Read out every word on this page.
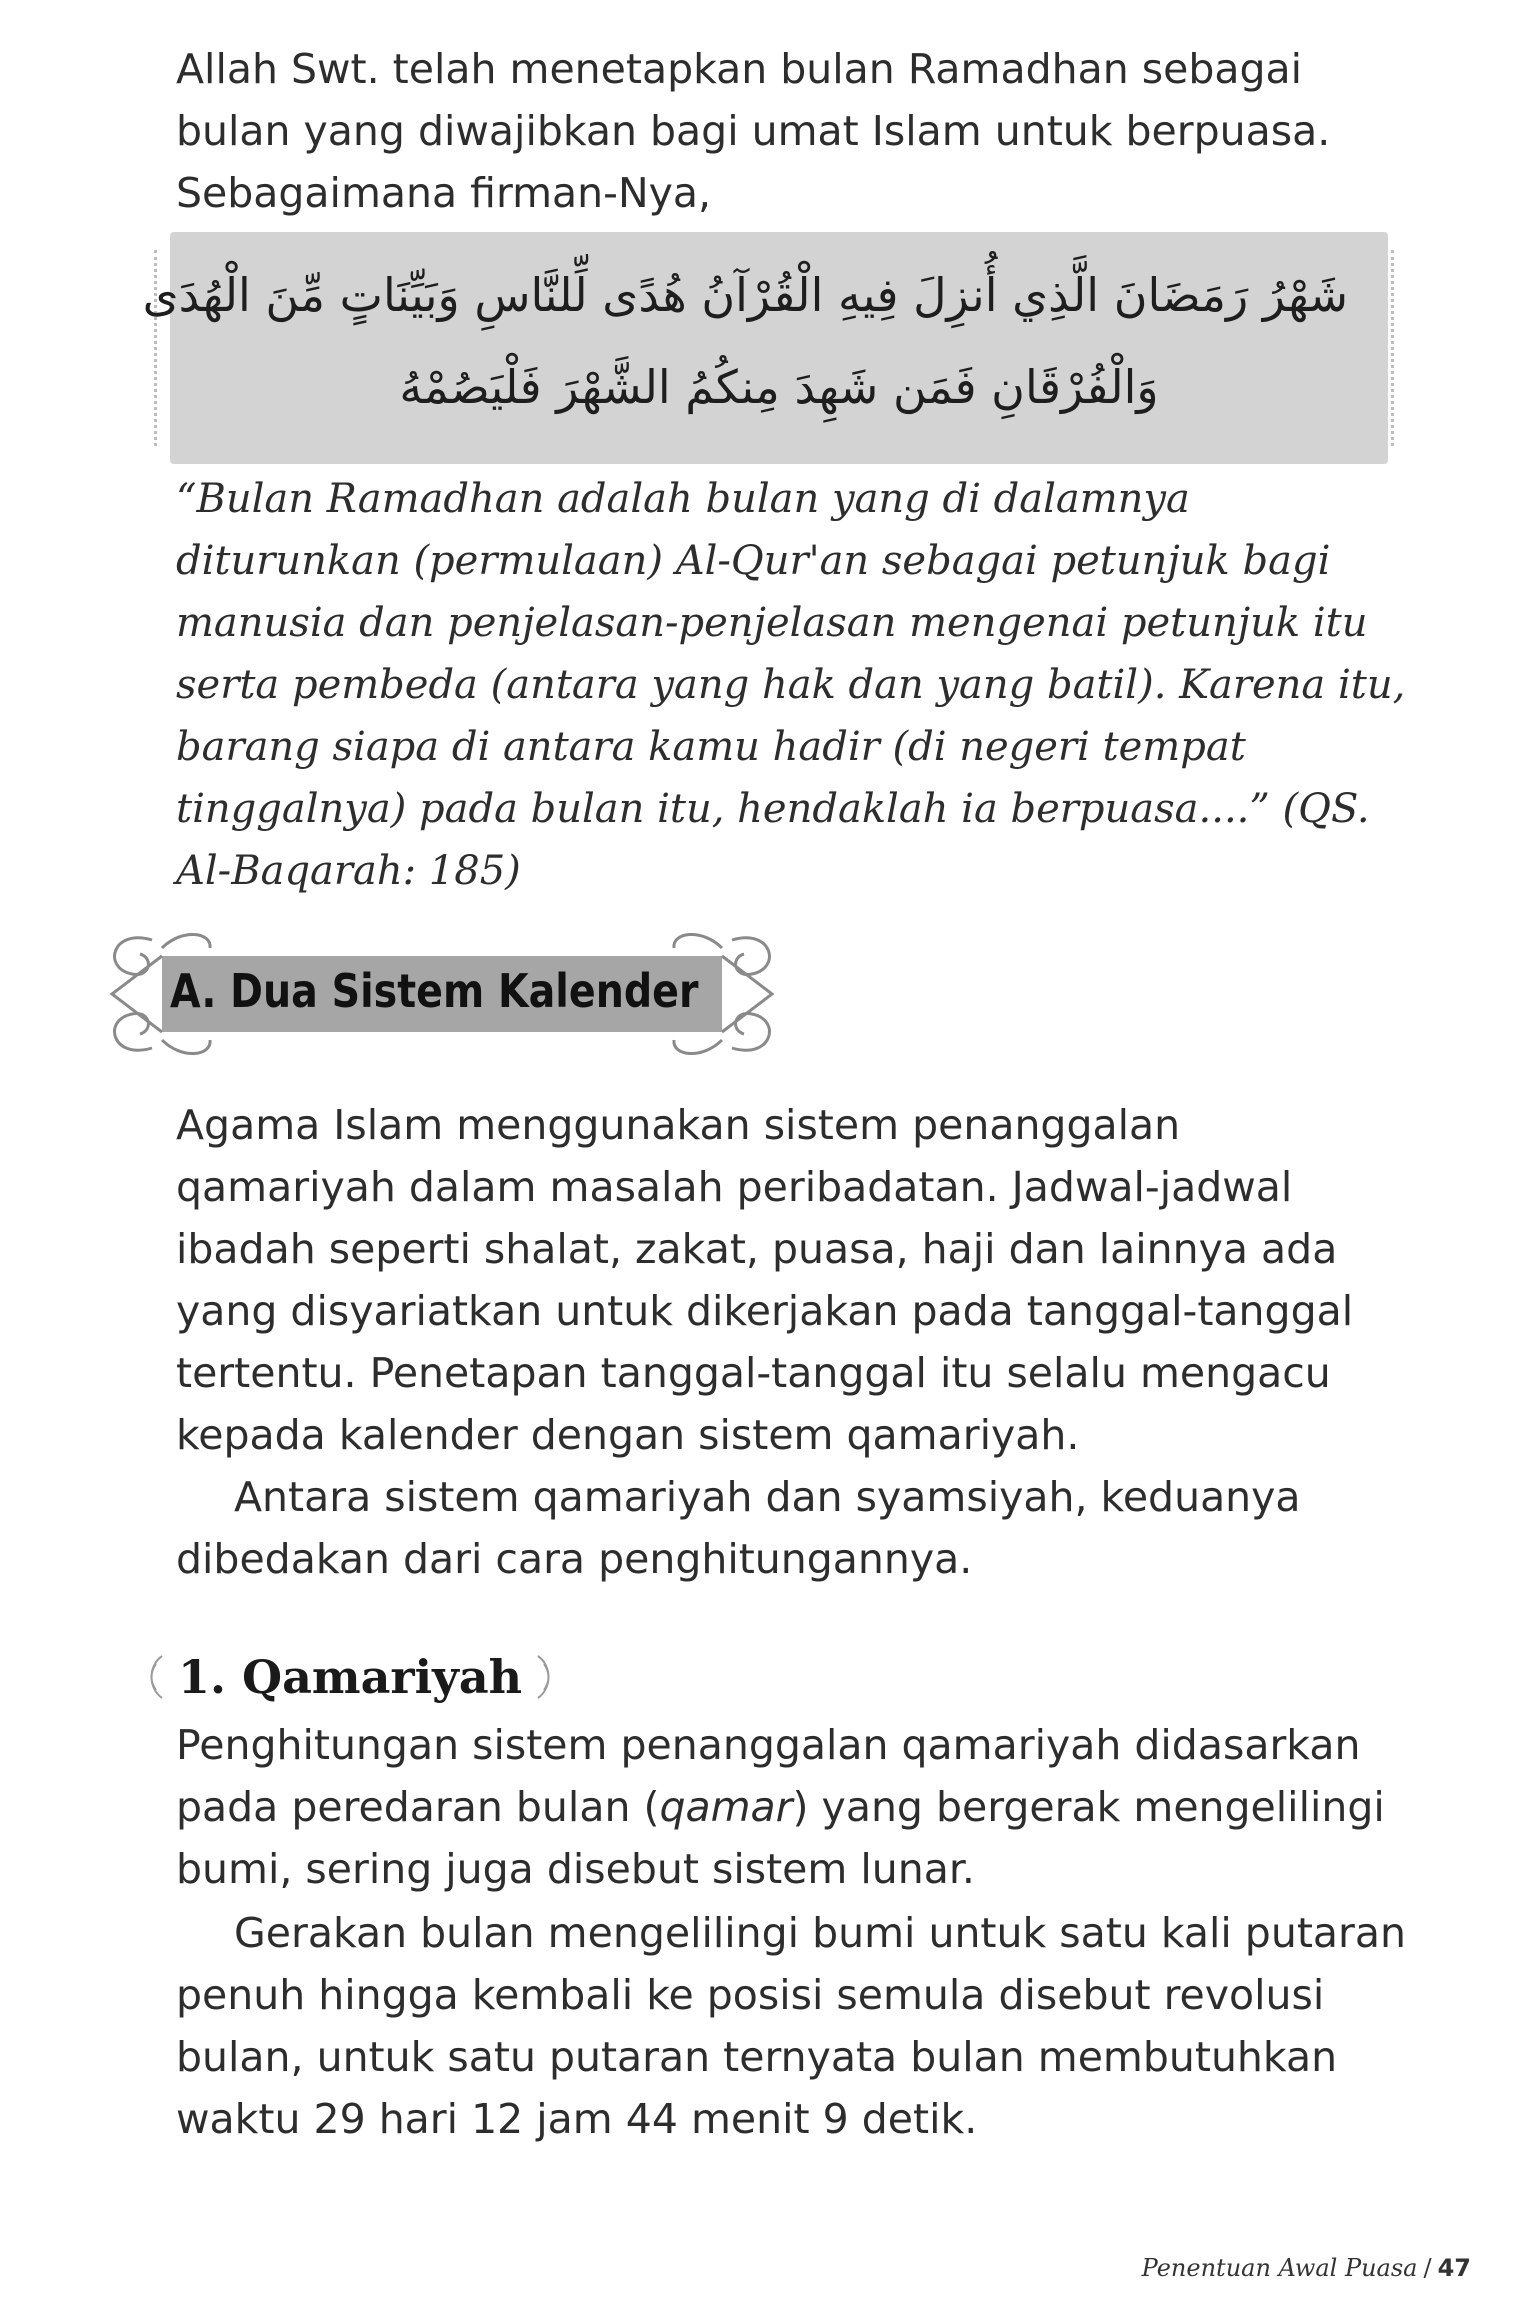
Allah Swt. telah menetapkan bulan Ramadhan sebagai bulan yang diwajibkan bagi umat Islam untuk berpuasa. Sebagaimana firman-Nya,

شَهْرُ رَمَضَانَ الَّذِي أُنزِلَ فِيهِ الْقُرْآنُ هُدًى لِّلنَّاسِ وَبَيِّنَاتٍ مِّنَ الْهُدَى
وَالْفُرْقَانِ فَمَن شَهِدَ مِنكُمُ الشَّهْرَ فَلْيَصُمْهُ

“Bulan Ramadhan adalah bulan yang di dalamnya diturunkan (permulaan) Al-Qur'an sebagai petunjuk bagi manusia dan penjelasan-penjelasan mengenai petunjuk itu serta pembeda (antara yang hak dan yang batil). Karena itu, barang siapa di antara kamu hadir (di negeri tempat tinggalnya) pada bulan itu, hendaklah ia berpuasa....” (QS. Al-Baqarah: 185)

A. Dua Sistem Kalender

Agama Islam menggunakan sistem penanggalan qamariyah dalam masalah peribadatan. Jadwal-jadwal ibadah seperti shalat, zakat, puasa, haji dan lainnya ada yang disyariatkan untuk dikerjakan pada tanggal-tanggal tertentu. Penetapan tanggal-tanggal itu selalu mengacu kepada kalender dengan sistem qamariyah.

Antara sistem qamariyah dan syamsiyah, keduanya dibedakan dari cara penghitungannya.

1. Qamariyah

Penghitungan sistem penanggalan qamariyah didasarkan pada peredaran bulan (qamar) yang bergerak mengelilingi bumi, sering juga disebut sistem lunar.

Gerakan bulan mengelilingi bumi untuk satu kali putaran penuh hingga kembali ke posisi semula disebut revolusi bulan, untuk satu putaran ternyata bulan membutuhkan waktu 29 hari 12 jam 44 menit 9 detik.

Penentuan Awal Puasa / 47
